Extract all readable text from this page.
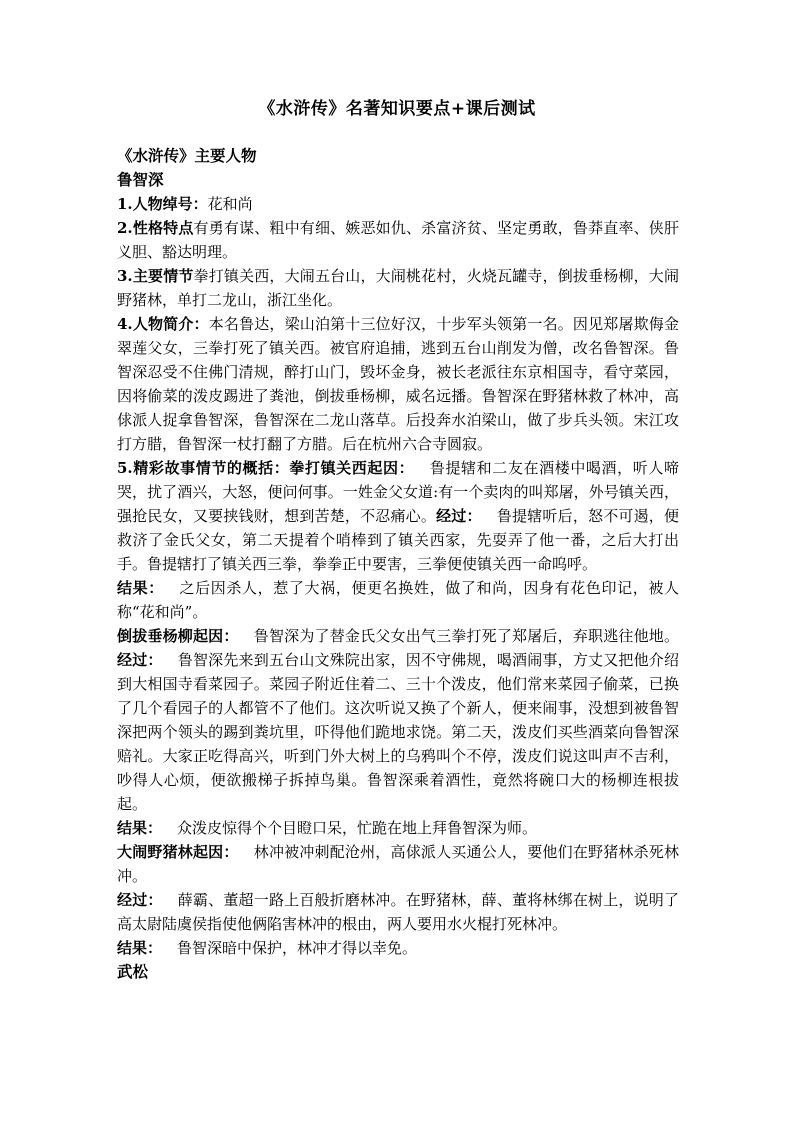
《水浒传》名著知识要点+课后测试

《水浒传》主要人物

鲁智深

1.人物绰号：花和尚

2.性格特点有勇有谋、粗中有细、嫉恶如仇、杀富济贫、坚定勇敢，鲁莽直率、侠肝义胆、豁达明理。

3.主要情节拳打镇关西，大闹五台山，大闹桃花村，火烧瓦罐寺，倒拔垂杨柳，大闹野猪林，单打二龙山，浙江坐化。

4.人物简介：本名鲁达，梁山泊第十三位好汉，十步军头领第一名。因见郑屠欺侮金翠莲父女，三拳打死了镇关西。被官府追捕，逃到五台山削发为僧，改名鲁智深。鲁智深忍受不住佛门清规，醉打山门，毁坏金身，被长老派往东京相国寺，看守菜园，因将偷菜的泼皮踢进了粪池，倒拔垂杨柳，威名远播。鲁智深在野猪林救了林冲，高俅派人捉拿鲁智深，鲁智深在二龙山落草。后投奔水泊梁山，做了步兵头领。宋江攻打方腊，鲁智深一杖打翻了方腊。后在杭州六合寺圆寂。

5.精彩故事情节的概括：拳打镇关西起因：  鲁提辖和二友在酒楼中喝酒，听人啼哭，扰了酒兴，大怒，便问何事。一姓金父女道:有一个卖肉的叫郑屠，外号镇关西，强抢民女，又要挟钱财，想到苦楚，不忍痛心。经过：  鲁提辖听后，怒不可遏，便救济了金氏父女，第二天提着个哨棒到了镇关西家，先耍弄了他一番，之后大打出手。鲁提辖打了镇关西三拳，拳拳正中要害，三拳便使镇关西一命呜呼。

结果：  之后因杀人，惹了大祸，便更名换姓，做了和尚，因身有花色印记，被人称“花和尚”。

倒拔垂杨柳起因：  鲁智深为了替金氏父女出气三拳打死了郑屠后，弃职逃往他地。经过：  鲁智深先来到五台山文殊院出家，因不守佛规，喝酒闹事，方丈又把他介绍到大相国寺看菜园子。菜园子附近住着二、三十个泼皮，他们常来菜园子偷菜，已换了几个看园子的人都管不了他们。这次听说又换了个新人，便来闹事，没想到被鲁智深把两个领头的踢到粪坑里，吓得他们跪地求饶。第二天，泼皮们买些酒菜向鲁智深赔礼。大家正吃得高兴，听到门外大树上的乌鸦叫个不停，泼皮们说这叫声不吉利，吵得人心烦，便欲搬梯子拆掉鸟巢。鲁智深乘着酒性，竟然将碗口大的杨柳连根拔起。

结果：  众泼皮惊得个个目瞪口呆，忙跪在地上拜鲁智深为师。

大闹野猪林起因：  林冲被冲刺配沧州，高俅派人买通公人，要他们在野猪林杀死林冲。

经过：  薛霸、董超一路上百般折磨林冲。在野猪林，薛、董将林绑在树上，说明了高太尉陆虞侯指使他俩陷害林冲的根由，两人要用水火棍打死林冲。

结果：  鲁智深暗中保护，林冲才得以幸免。

武松
